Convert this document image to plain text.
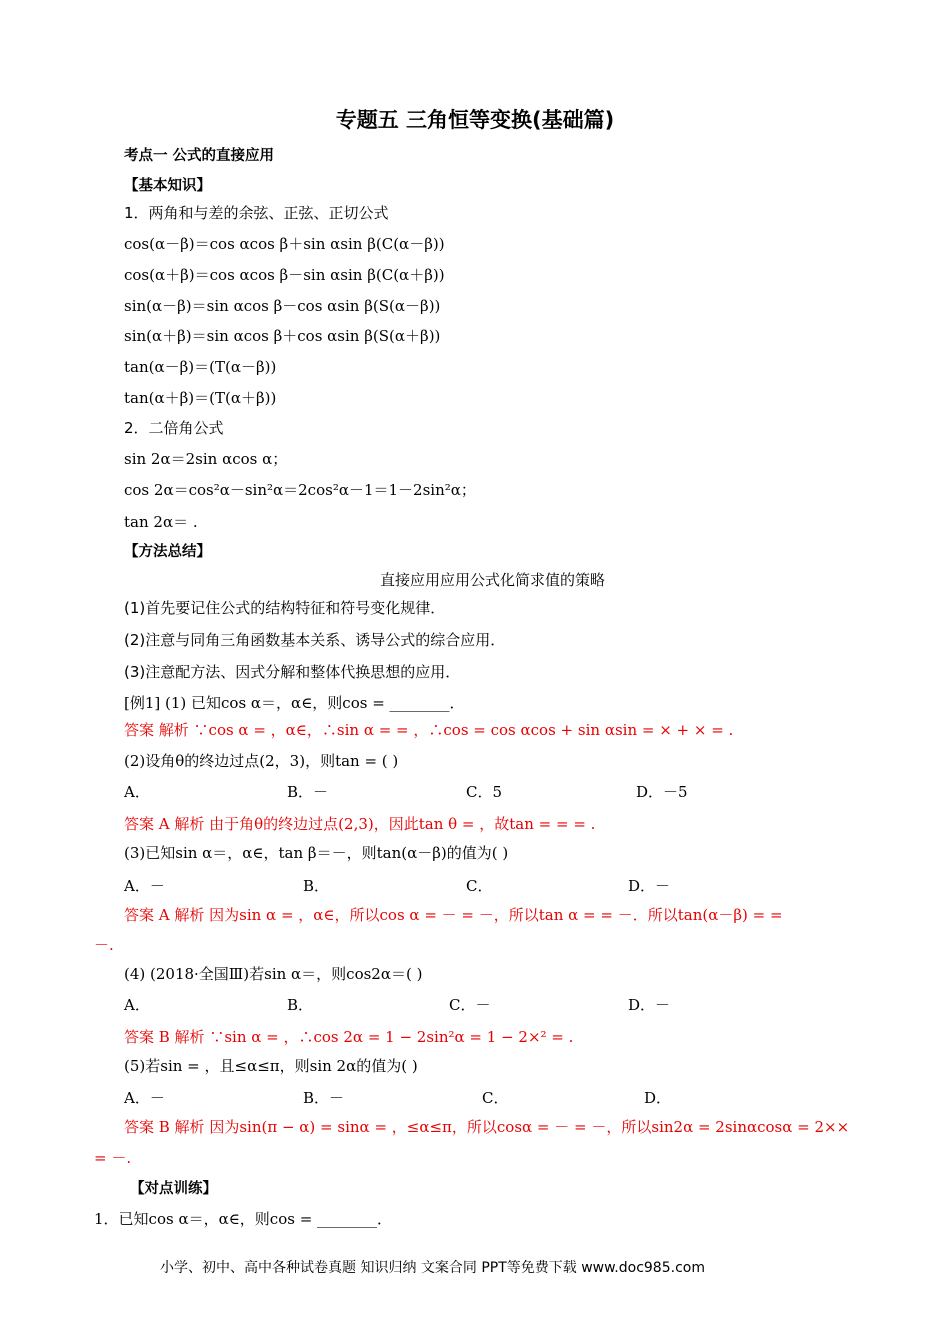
专题五 三角恒等变换(基础篇)
考点一 公式的直接应用
【基本知识】
1．两角和与差的余弦、正弦、正切公式
cos(α－β)＝cos αcos β＋sin αsin β(C(α－β))
cos(α＋β)＝cos αcos β－sin αsin β(C(α＋β))
sin(α－β)＝sin αcos β－cos αsin β(S(α－β))
sin(α＋β)＝sin αcos β＋cos αsin β(S(α＋β))
tan(α－β)＝(T(α－β))
tan(α＋β)＝(T(α＋β))
2．二倍角公式
sin 2α＝2sin αcos α；
cos 2α＝cos²α－sin²α＝2cos²α－1＝1－2sin²α；
tan 2α＝ .
【方法总结】
直接应用应用公式化简求值的策略
(1)首先要记住公式的结构特征和符号变化规律．
(2)注意与同角三角函数基本关系、诱导公式的综合应用．
(3)注意配方法、因式分解和整体代换思想的应用．
[例1] (1) 已知cos α＝，α∈，则cos = ________．
答案 解析 ∵cos α = ，α∈，∴sin α = = ，∴cos = cos αcos + sin αsin = × + × = .
(2)设角θ的终边过点(2，3)，则tan = ( )
A．	B．－	C．5	D．－5
答案 A 解析 由于角θ的终边过点(2,3)，因此tan θ = ，故tan = = = .
(3)已知sin α＝，α∈，tan β＝－，则tan(α－β)的值为( )
A．－	B．	C．	D．－
答案 A 解析 因为sin α = ，α∈，所以cos α = － = －，所以tan α = = －．所以tan(α－β) = =
－.
(4) (2018·全国Ⅲ)若sin α＝，则cos2α＝( )
A．	B．	C．－	D．－
答案 B 解析 ∵sin α = ，∴cos 2α = 1 − 2sin²α = 1 − 2×² = .
(5)若sin = ，且≤α≤π，则sin 2α的值为( )
A．－	B．－	C．	D．
答案 B 解析 因为sin(π − α) = sinα = ，≤α≤π，所以cosα = － = －，所以sin2α = 2sinαcosα = 2××
= －.
【对点训练】
1．已知cos α＝，α∈，则cos = ________．
小学、初中、高中各种试卷真题 知识归纳 文案合同 PPT等免费下载 www.doc985.com
